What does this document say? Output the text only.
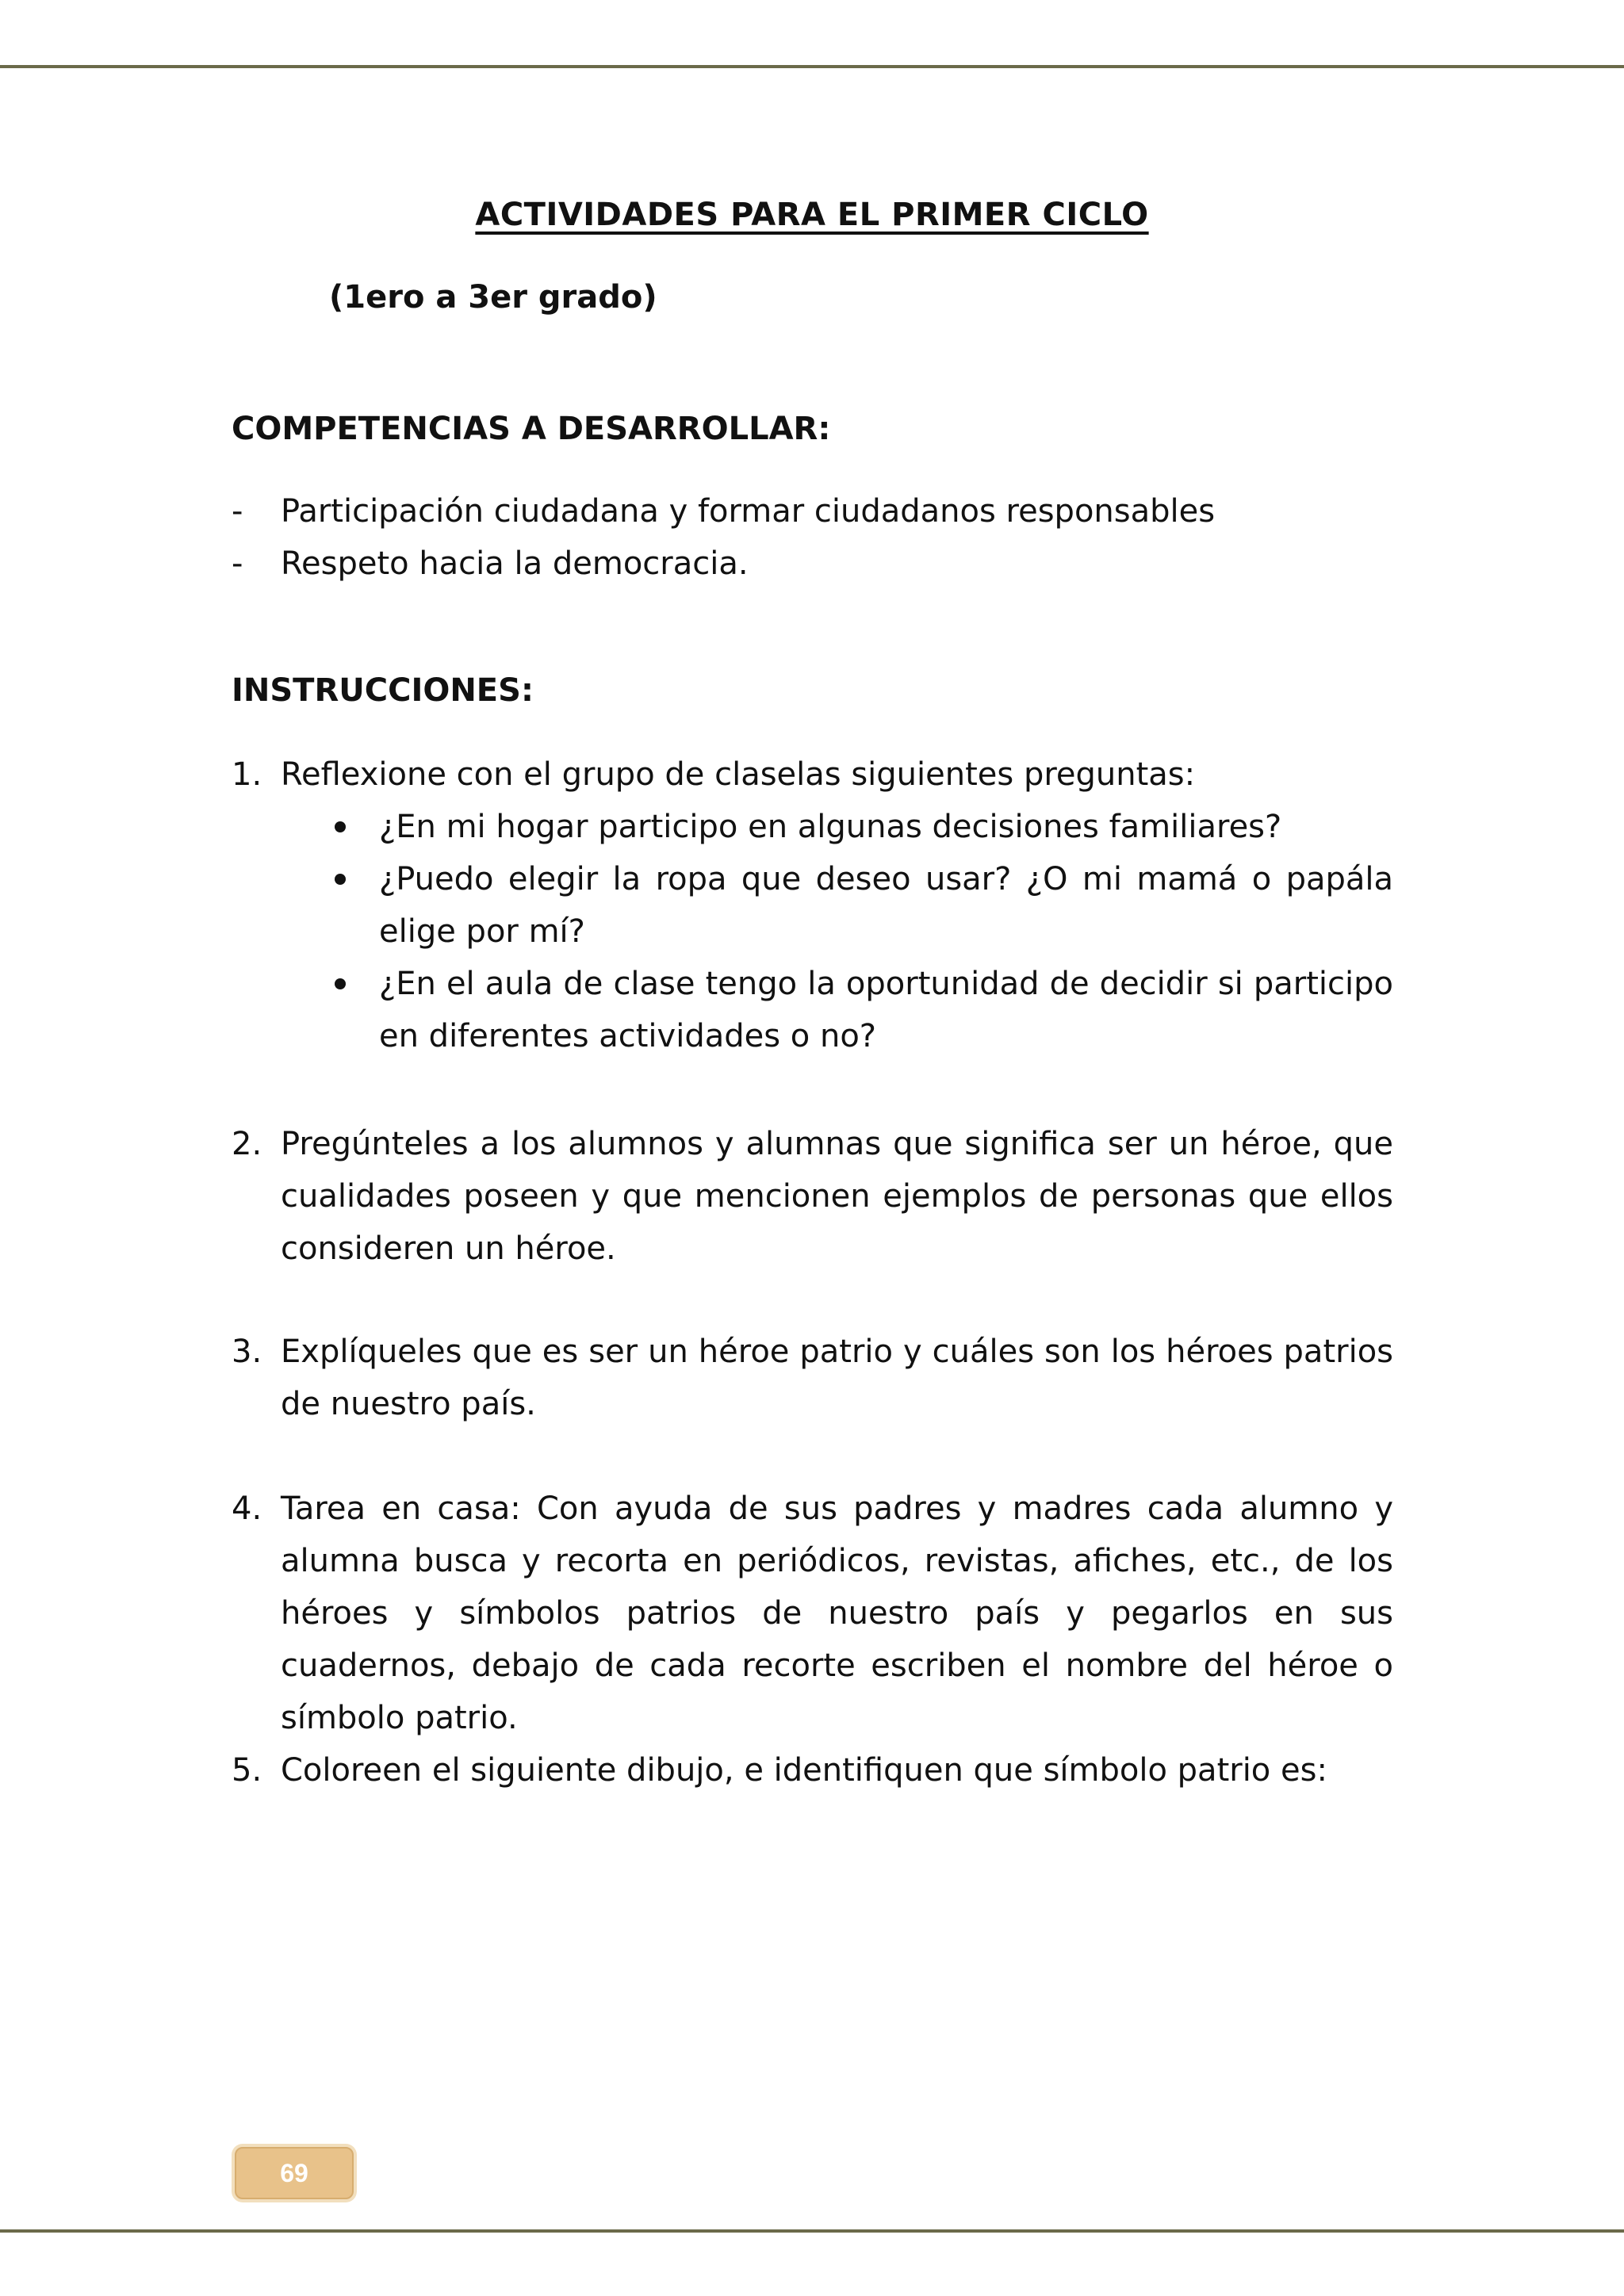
ACTIVIDADES PARA EL PRIMER CICLO
(1ero a 3er grado)
COMPETENCIAS A DESARROLLAR:
- Participación ciudadana y formar ciudadanos responsables
- Respeto hacia la democracia.
INSTRUCCIONES:
1. Reflexione con el grupo de claselas siguientes preguntas:
¿En mi hogar participo en algunas decisiones familiares?
¿Puedo elegir la ropa que deseo usar? ¿O mi mamá o papála elige por mí?
¿En el aula de clase tengo la oportunidad de decidir si participo en diferentes actividades o no?
2. Pregúnteles a los alumnos y alumnas que significa ser un héroe, que cualidades poseen y que mencionen ejemplos de personas que ellos consideren un héroe.
3. Explíqueles que es ser un héroe patrio y cuáles son los héroes patrios de nuestro país.
4. Tarea en casa: Con ayuda de sus padres y madres cada alumno y alumna busca y recorta en periódicos, revistas, afiches, etc., de los héroes y símbolos patrios de nuestro país y pegarlos en sus cuadernos, debajo de cada recorte escriben el nombre del héroe o símbolo patrio.
5. Coloreen el siguiente dibujo, e identifiquen que símbolo patrio es:
69
